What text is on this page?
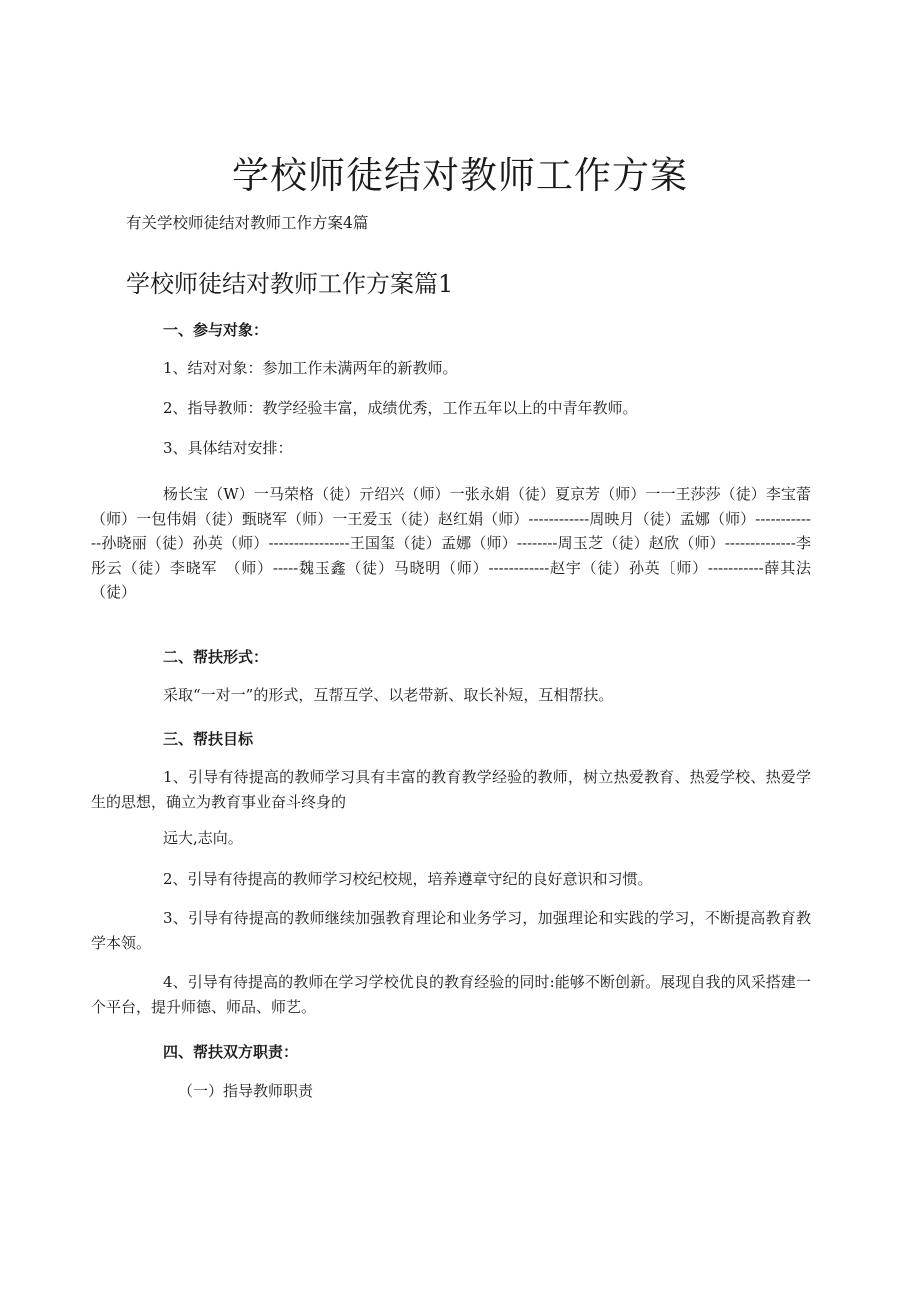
学校师徒结对教师工作方案
有关学校师徒结对教师工作方案4篇
学校师徒结对教师工作方案篇1
一、参与对象：
1、结对对象：参加工作未满两年的新教师。
2、指导教师：教学经验丰富，成绩优秀，工作五年以上的中青年教师。
3、具体结对安排：
杨长宝（W）一马荣格（徒）亓绍兴（师）一张永娟（徒）夏京芳（师）一一王莎莎（徒）李宝蕾（师）一包伟娟（徒）甄晓军（师）一王爱玉（徒）赵红娟（师）------------周映月（徒）孟娜（师）-------------孙晓丽（徒）孙英（师）----------------王国玺（徒）孟娜（师）--------周玉芝（徒）赵欣（师）--------------李彤云（徒）李晓军　（师）-----魏玉鑫（徒）马晓明（师）------------赵宇（徒）孙英〔师）-----------薛其法（徒）
二、帮扶形式：
采取“一对一”的形式，互帮互学、以老带新、取长补短，互相帮扶。
三、帮扶目标
1、引导有待提高的教师学习具有丰富的教育教学经验的教师，树立热爱教育、热爱学校、热爱学生的思想，确立为教育事业奋斗终身的
远大,志向。
2、引导有待提高的教师学习校纪校规，培养遵章守纪的良好意识和习惯。
3、引导有待提高的教师继续加强教育理论和业务学习，加强理论和实践的学习，不断提高教育教学本领。
4、引导有待提高的教师在学习学校优良的教育经验的同时:能够不断创新。展现自我的风采搭建一个平台，提升师德、师品、师艺。
四、帮扶双方职责：
（一）指导教师职责
